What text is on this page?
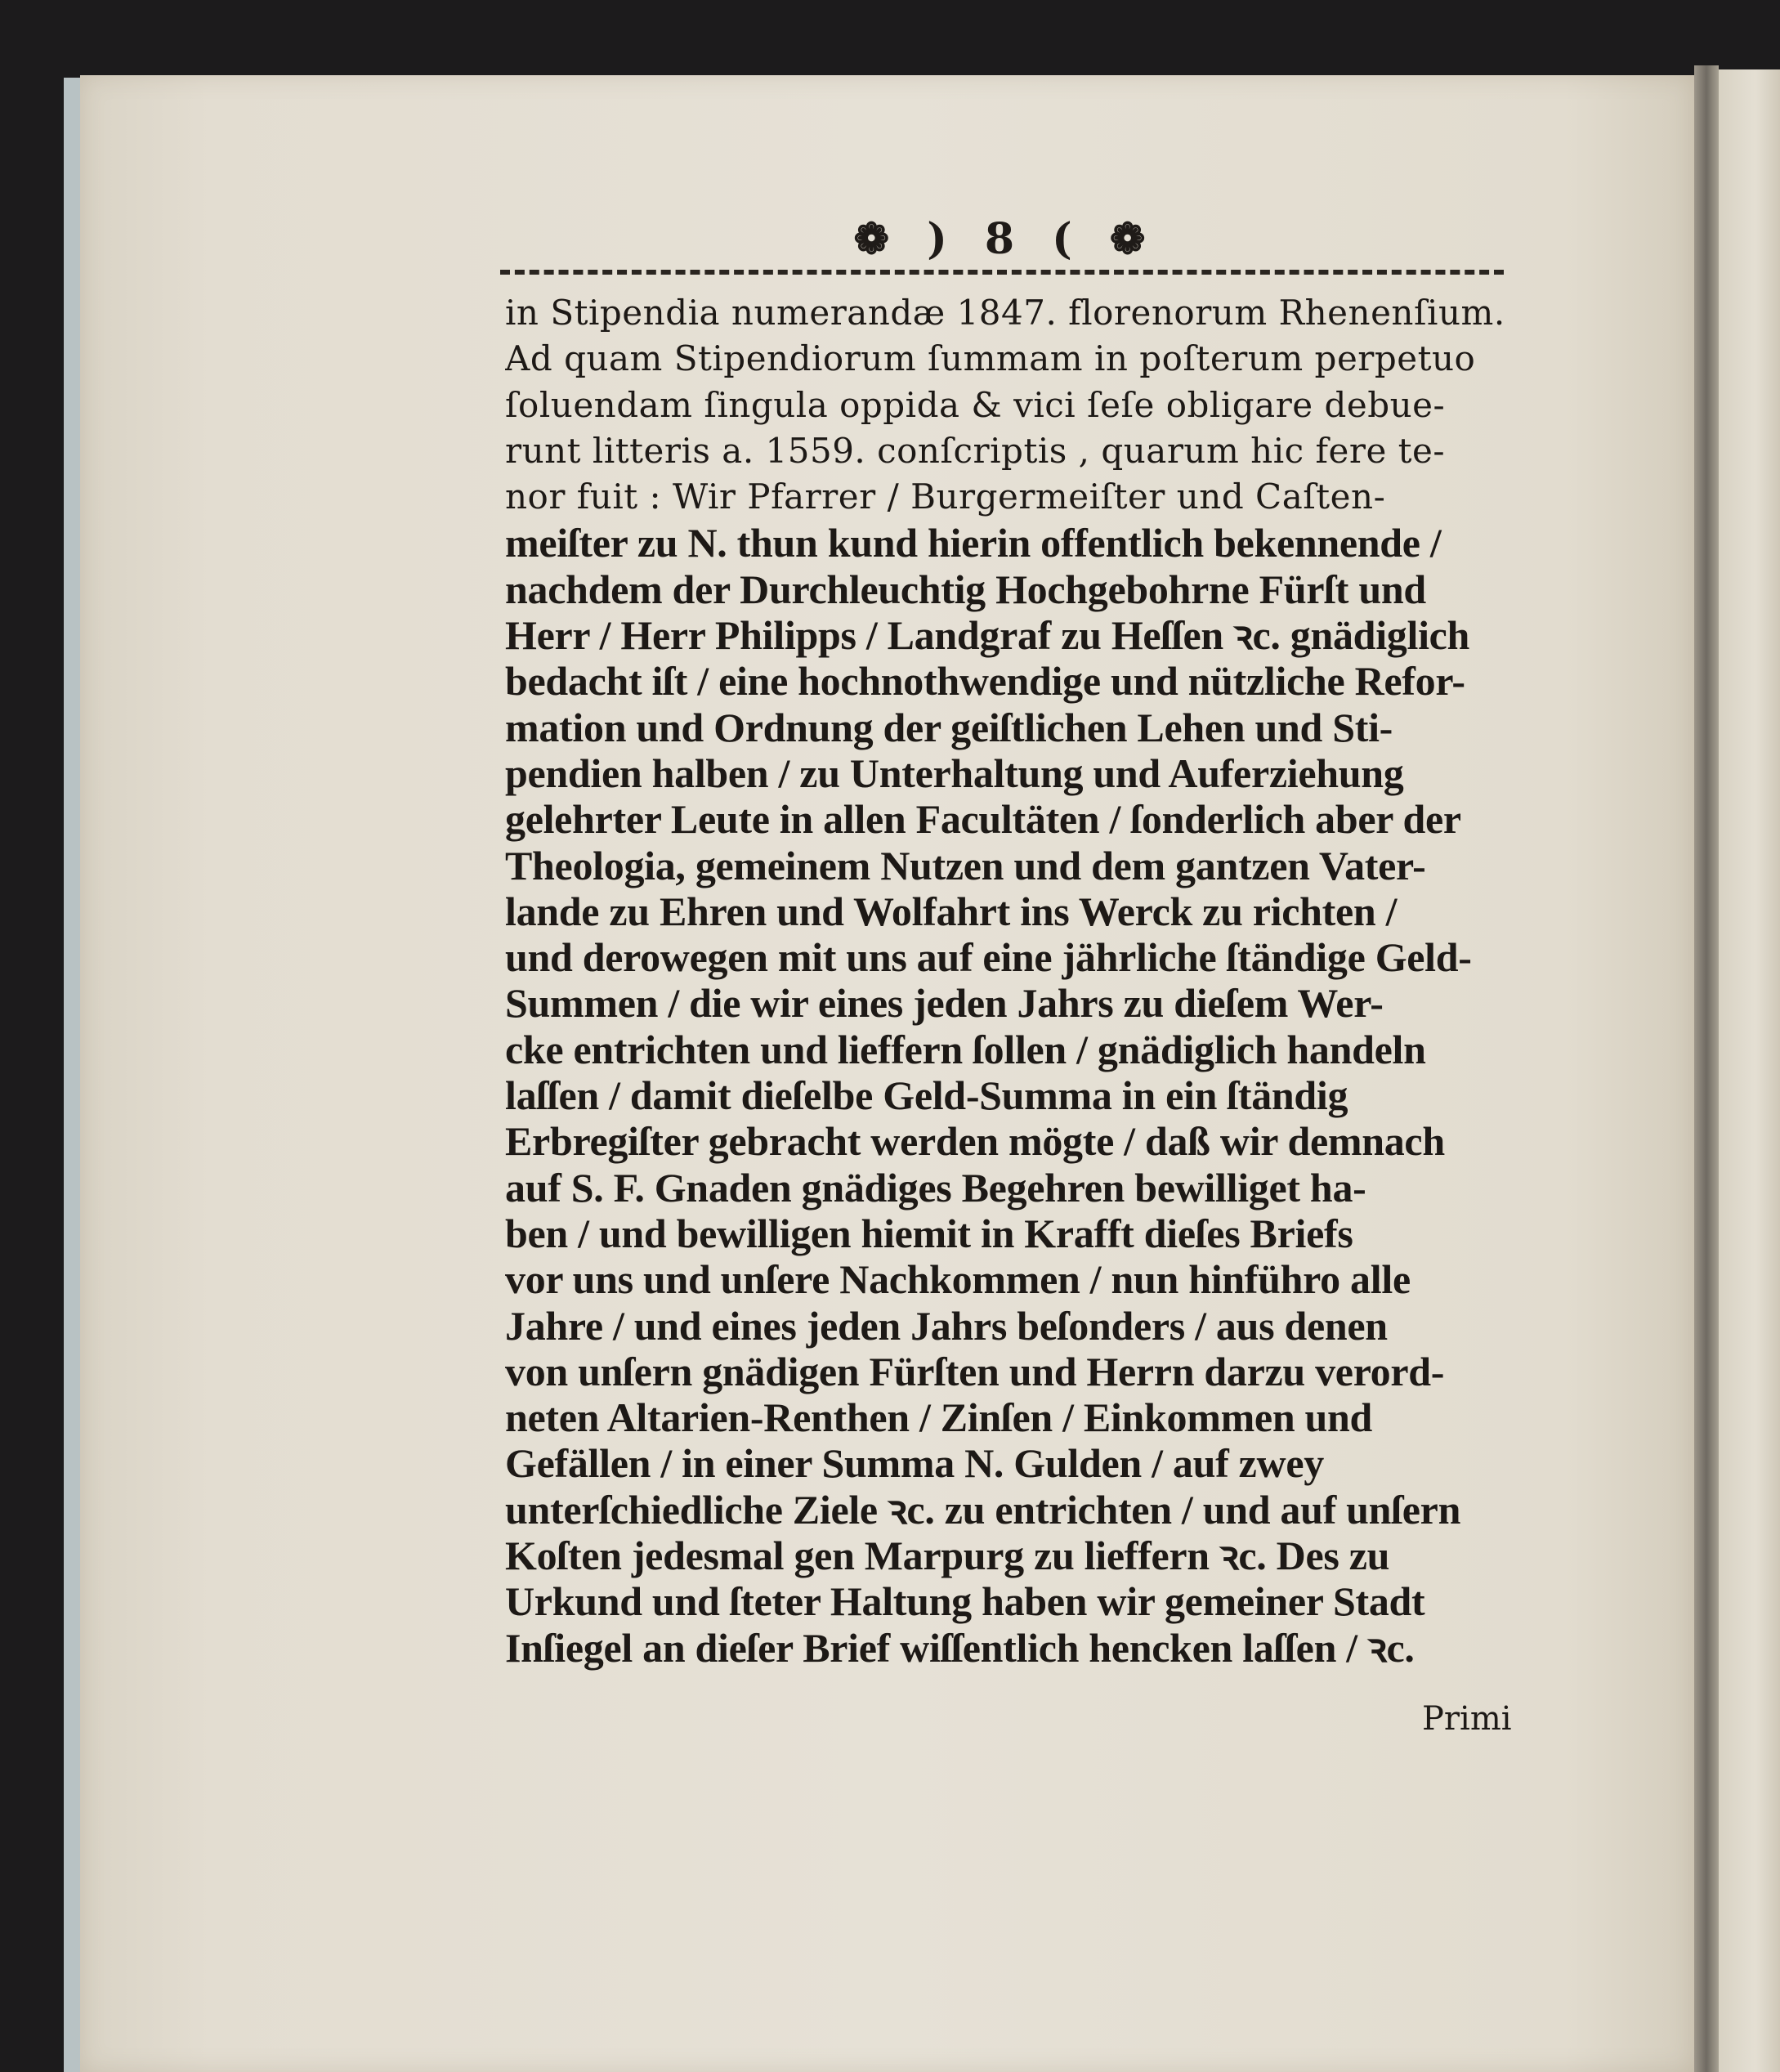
❁ ) 8 ( ❁
in Stipendia numerandæ 1847. florenorum Rhenenſium.
Ad quam Stipendiorum ſummam in poſterum perpetuo
ſoluendam ſingula oppida & vici ſeſe obligare debue-
runt litteris a. 1559. conſcriptis , quarum hic fere te-
nor fuit : Wir Pfarrer / Burgermeiſter und Caſten-
meiſter zu N. thun kund hierin offentlich bekennende /
nachdem der Durchleuchtig Hochgebohrne Fürſt und
Herr / Herr Philipps / Landgraf zu Heſſen ꝛc. gnädiglich
bedacht iſt / eine hochnothwendige und nützliche Refor-
mation und Ordnung der geiſtlichen Lehen und Sti-
pendien halben / zu Unterhaltung und Auferziehung
gelehrter Leute in allen Facultäten / ſonderlich aber der
Theologia, gemeinem Nutzen und dem gantzen Vater-
lande zu Ehren und Wolfahrt ins Werck zu richten /
und derowegen mit uns auf eine jährliche ſtändige Geld-
Summen / die wir eines jeden Jahrs zu dieſem Wer-
cke entrichten und lieffern ſollen / gnädiglich handeln
laſſen / damit dieſelbe Geld-Summa in ein ſtändig
Erbregiſter gebracht werden mögte / daß wir demnach
auf S. F. Gnaden gnädiges Begehren bewilliget ha-
ben / und bewilligen hiemit in Krafft dieſes Briefs
vor uns und unſere Nachkommen / nun hinführo alle
Jahre / und eines jeden Jahrs beſonders / aus denen
von unſern gnädigen Fürſten und Herrn darzu verord-
neten Altarien-Renthen / Zinſen / Einkommen und
Gefällen / in einer Summa N. Gulden / auf zwey
unterſchiedliche Ziele ꝛc. zu entrichten / und auf unſern
Koſten jedesmal gen Marpurg zu lieffern ꝛc. Des zu
Urkund und ſteter Haltung haben wir gemeiner Stadt
Inſiegel an dieſer Brief wiſſentlich hencken laſſen / ꝛc.
Primi
